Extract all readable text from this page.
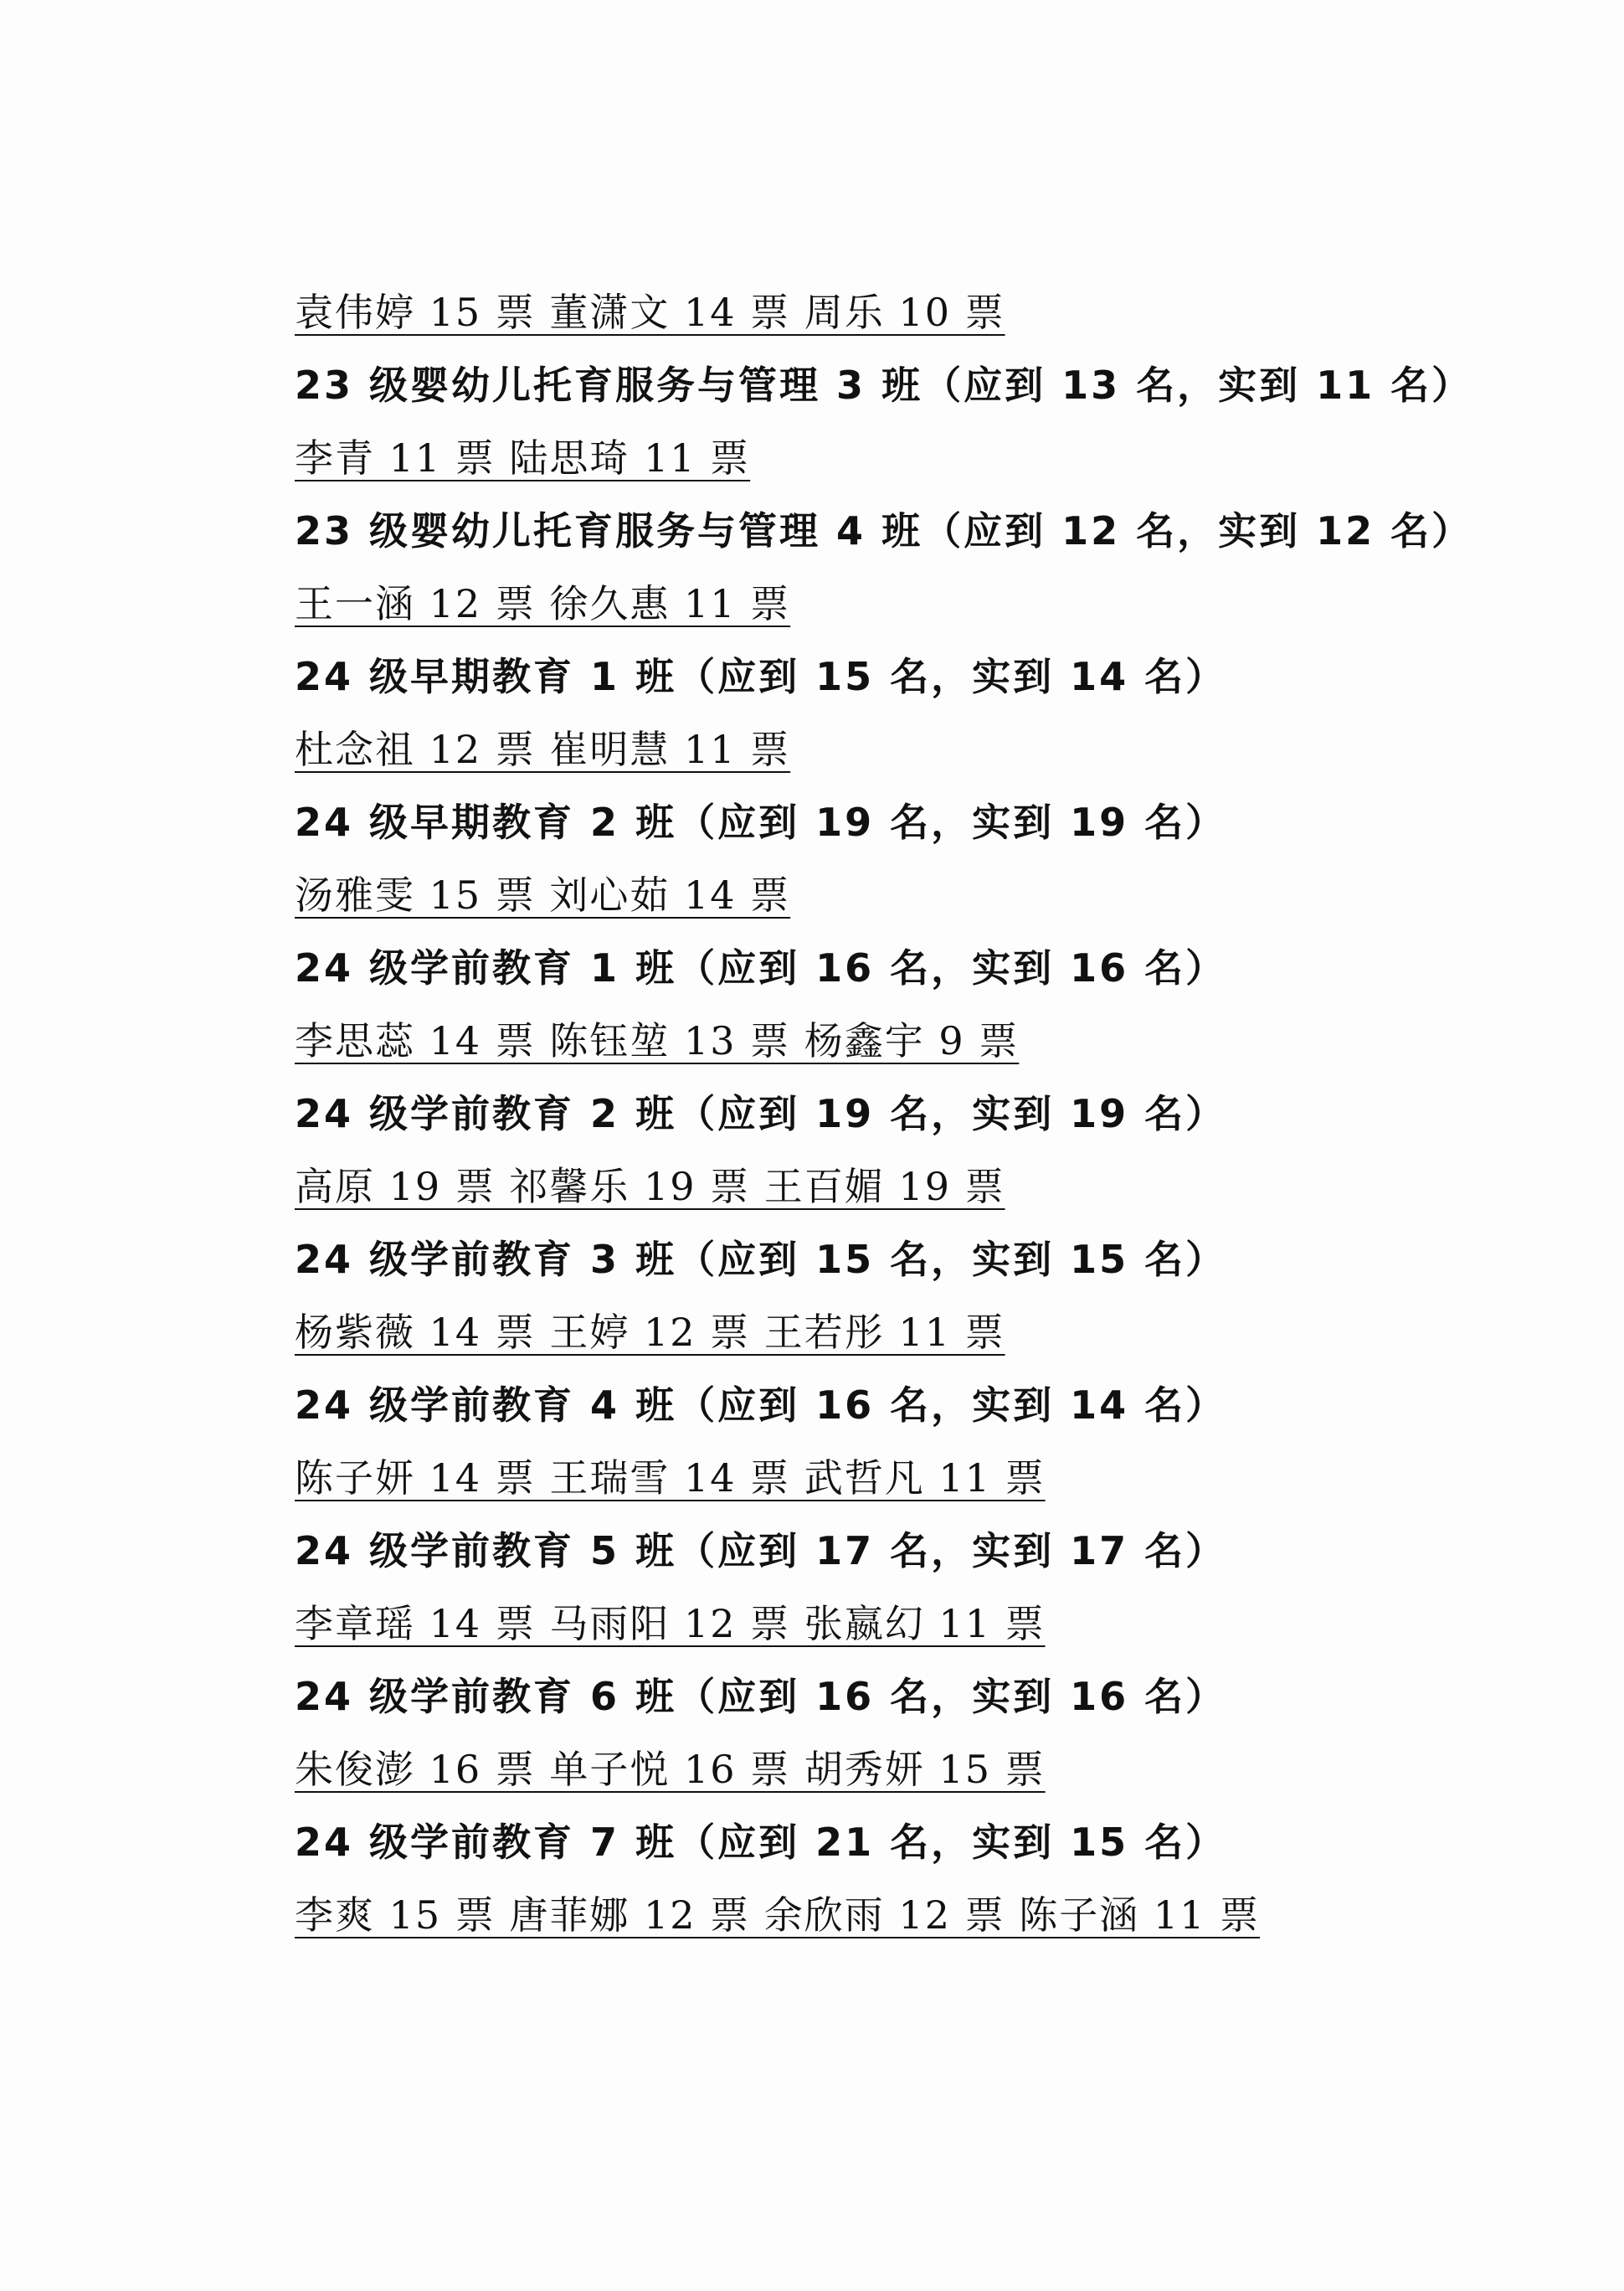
袁伟婷 15 票 董潇文 14 票 周乐 10 票
23 级婴幼儿托育服务与管理 3 班（应到 13 名，实到 11 名）
李青 11 票 陆思琦 11 票
23 级婴幼儿托育服务与管理 4 班（应到 12 名，实到 12 名）
王一涵 12 票 徐久惠 11 票
24 级早期教育 1 班（应到 15 名，实到 14 名）
杜念祖 12 票 崔明慧 11 票
24 级早期教育 2 班（应到 19 名，实到 19 名）
汤雅雯 15 票 刘心茹 14 票
24 级学前教育 1 班（应到 16 名，实到 16 名）
李思蕊 14 票 陈钰堃 13 票 杨鑫宇 9 票
24 级学前教育 2 班（应到 19 名，实到 19 名）
高原 19 票 祁馨乐 19 票 王百媚 19 票
24 级学前教育 3 班（应到 15 名，实到 15 名）
杨紫薇 14 票 王婷 12 票 王若彤 11 票
24 级学前教育 4 班（应到 16 名，实到 14 名）
陈子妍 14 票 王瑞雪 14 票 武哲凡 11 票
24 级学前教育 5 班（应到 17 名，实到 17 名）
李章瑶 14 票 马雨阳 12 票 张嬴幻 11 票
24 级学前教育 6 班（应到 16 名，实到 16 名）
朱俊澎 16 票 单子悦 16 票 胡秀妍 15 票
24 级学前教育 7 班（应到 21 名，实到 15 名）
李爽 15 票 唐菲娜 12 票 余欣雨 12 票 陈子涵 11 票
